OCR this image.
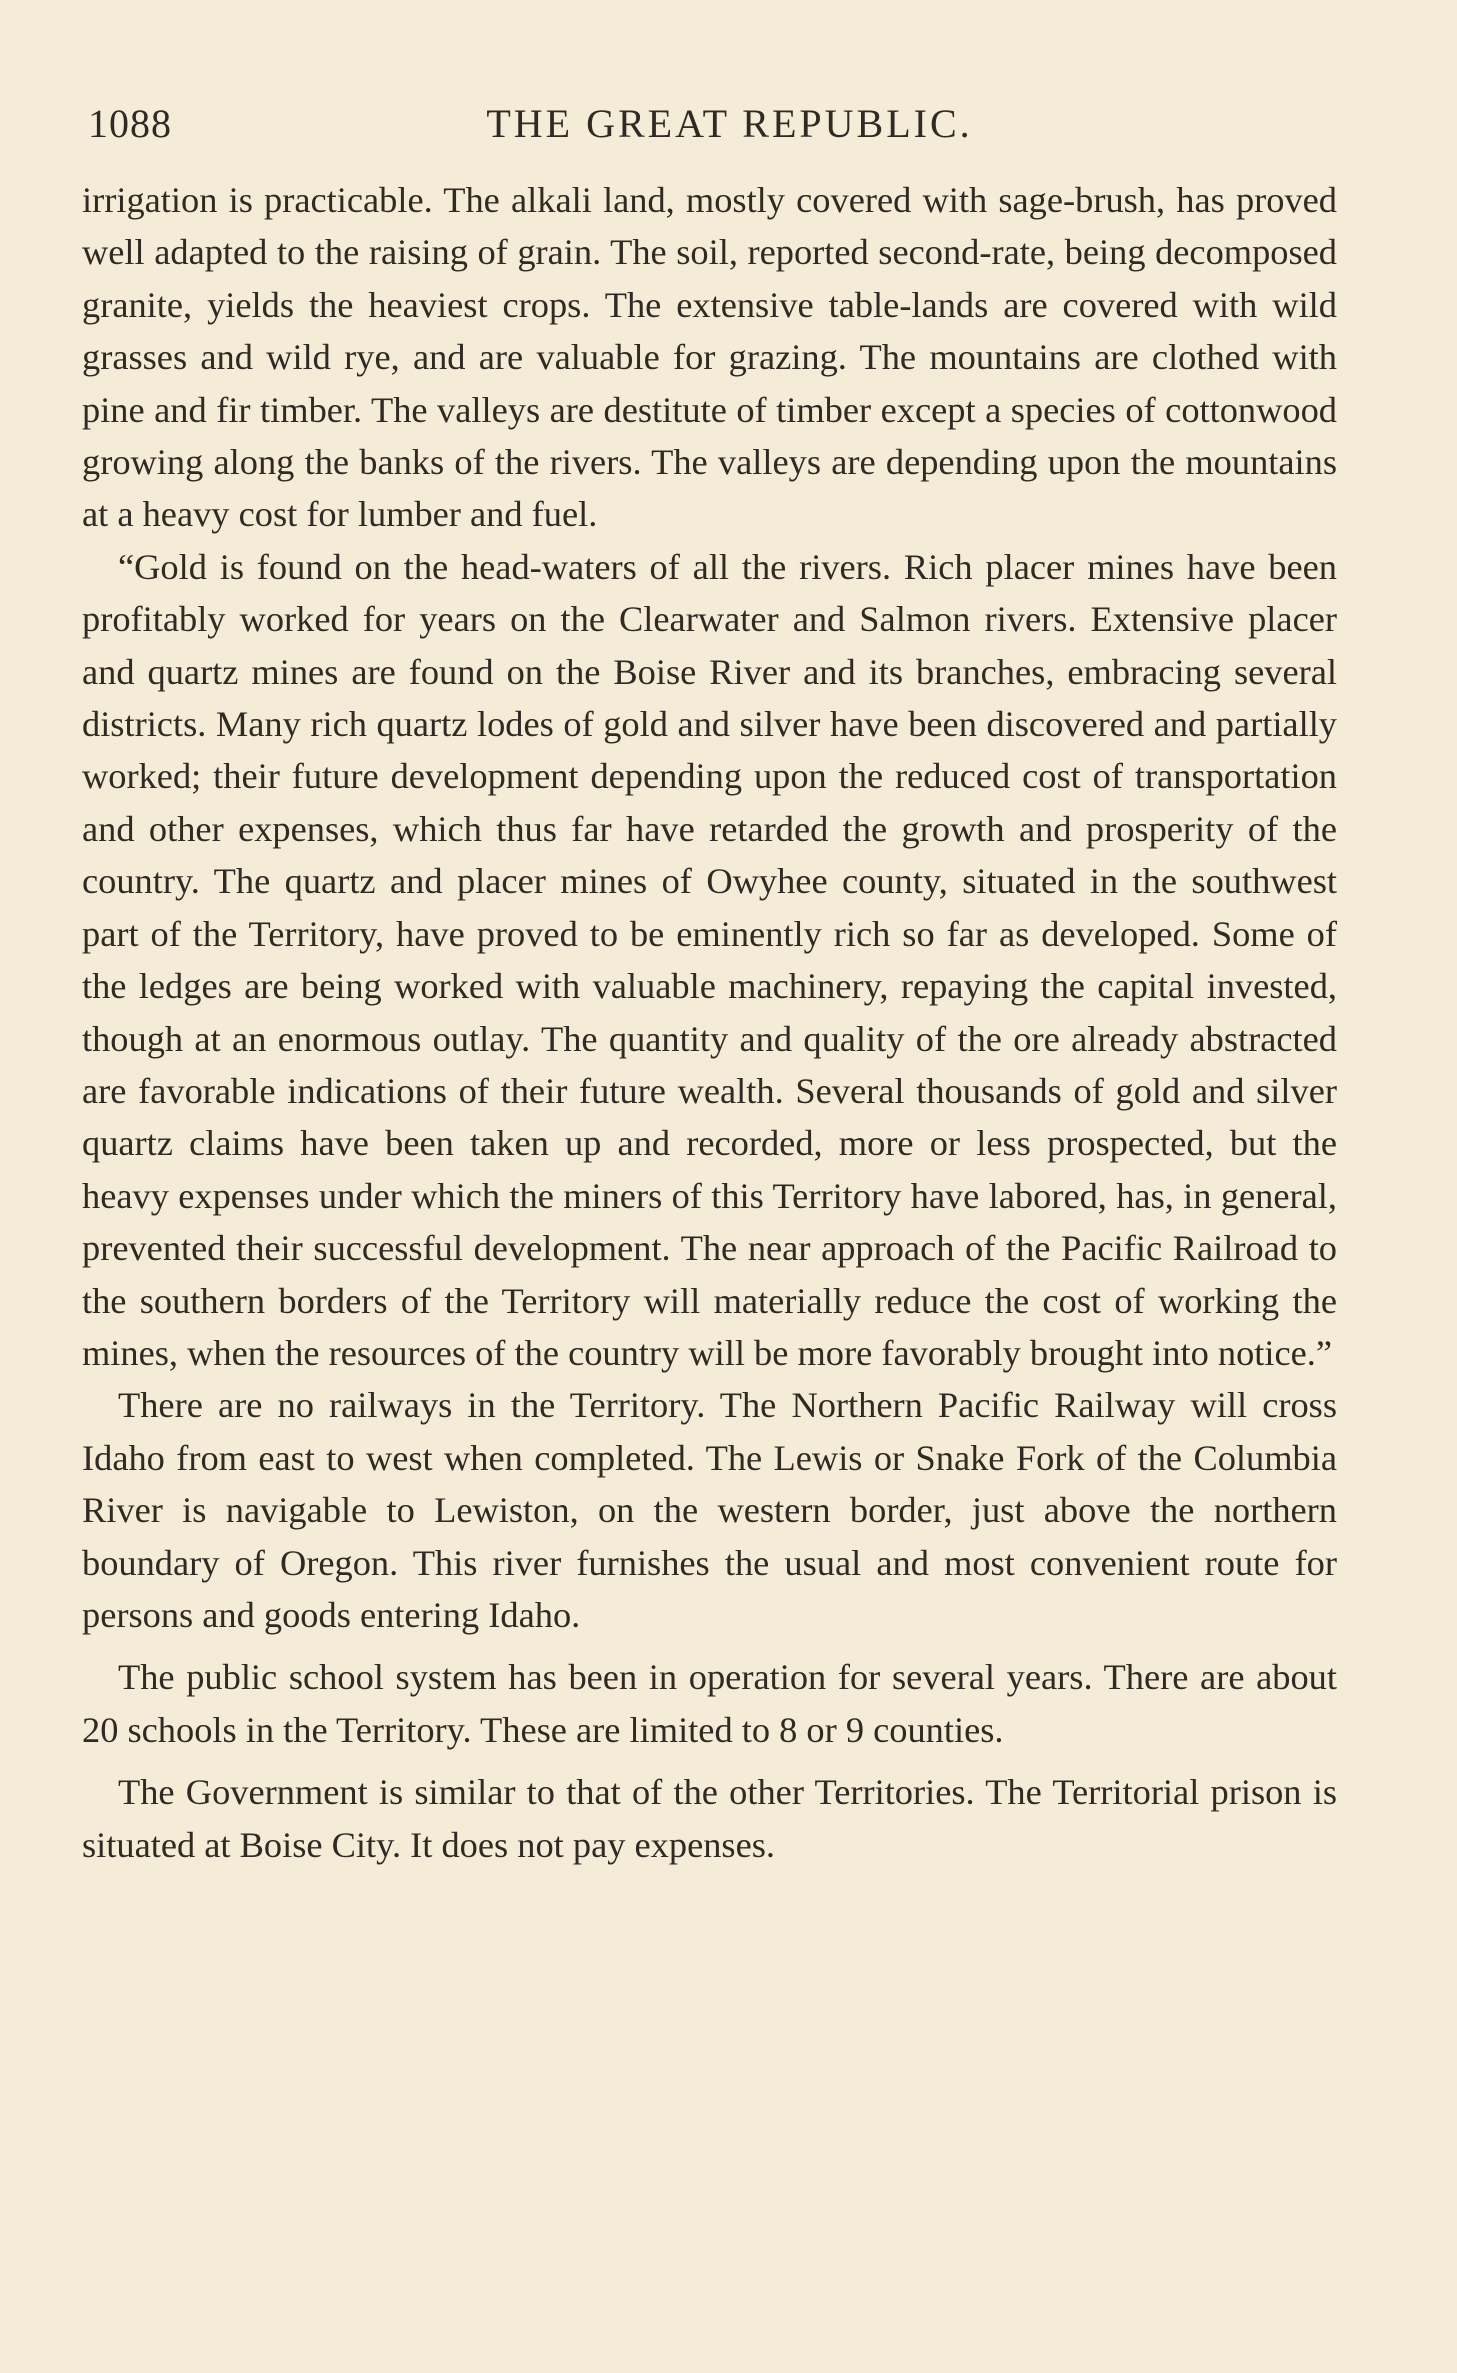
1088	THE GREAT REPUBLIC.

irrigation is practicable. The alkali land, mostly covered with sage-brush, has proved well adapted to the raising of grain. The soil, reported second-rate, being decomposed granite, yields the heaviest crops. The extensive table-lands are covered with wild grasses and wild rye, and are valuable for grazing. The mountains are clothed with pine and fir timber. The valleys are destitute of timber except a species of cottonwood growing along the banks of the rivers. The valleys are depending upon the mountains at a heavy cost for lumber and fuel.

“Gold is found on the head-waters of all the rivers. Rich placer mines have been profitably worked for years on the Clearwater and Salmon rivers. Extensive placer and quartz mines are found on the Boise River and its branches, embracing several districts. Many rich quartz lodes of gold and silver have been discovered and partially worked; their future development depending upon the reduced cost of transportation and other expenses, which thus far have retarded the growth and prosperity of the country. The quartz and placer mines of Owyhee county, situated in the southwest part of the Territory, have proved to be eminently rich so far as developed. Some of the ledges are being worked with valuable machinery, repaying the capital invested, though at an enormous outlay. The quantity and quality of the ore already abstracted are favorable indications of their future wealth. Several thousands of gold and silver quartz claims have been taken up and recorded, more or less prospected, but the heavy expenses under which the miners of this Territory have labored, has, in general, prevented their successful development. The near approach of the Pacific Railroad to the southern borders of the Territory will materially reduce the cost of working the mines, when the resources of the country will be more favorably brought into notice.”

There are no railways in the Territory. The Northern Pacific Railway will cross Idaho from east to west when completed. The Lewis or Snake Fork of the Columbia River is navigable to Lewiston, on the western border, just above the northern boundary of Oregon. This river furnishes the usual and most convenient route for persons and goods entering Idaho.

The public school system has been in operation for several years. There are about 20 schools in the Territory. These are limited to 8 or 9 counties.

The Government is similar to that of the other Territories. The Territorial prison is situated at Boise City. It does not pay expenses.
